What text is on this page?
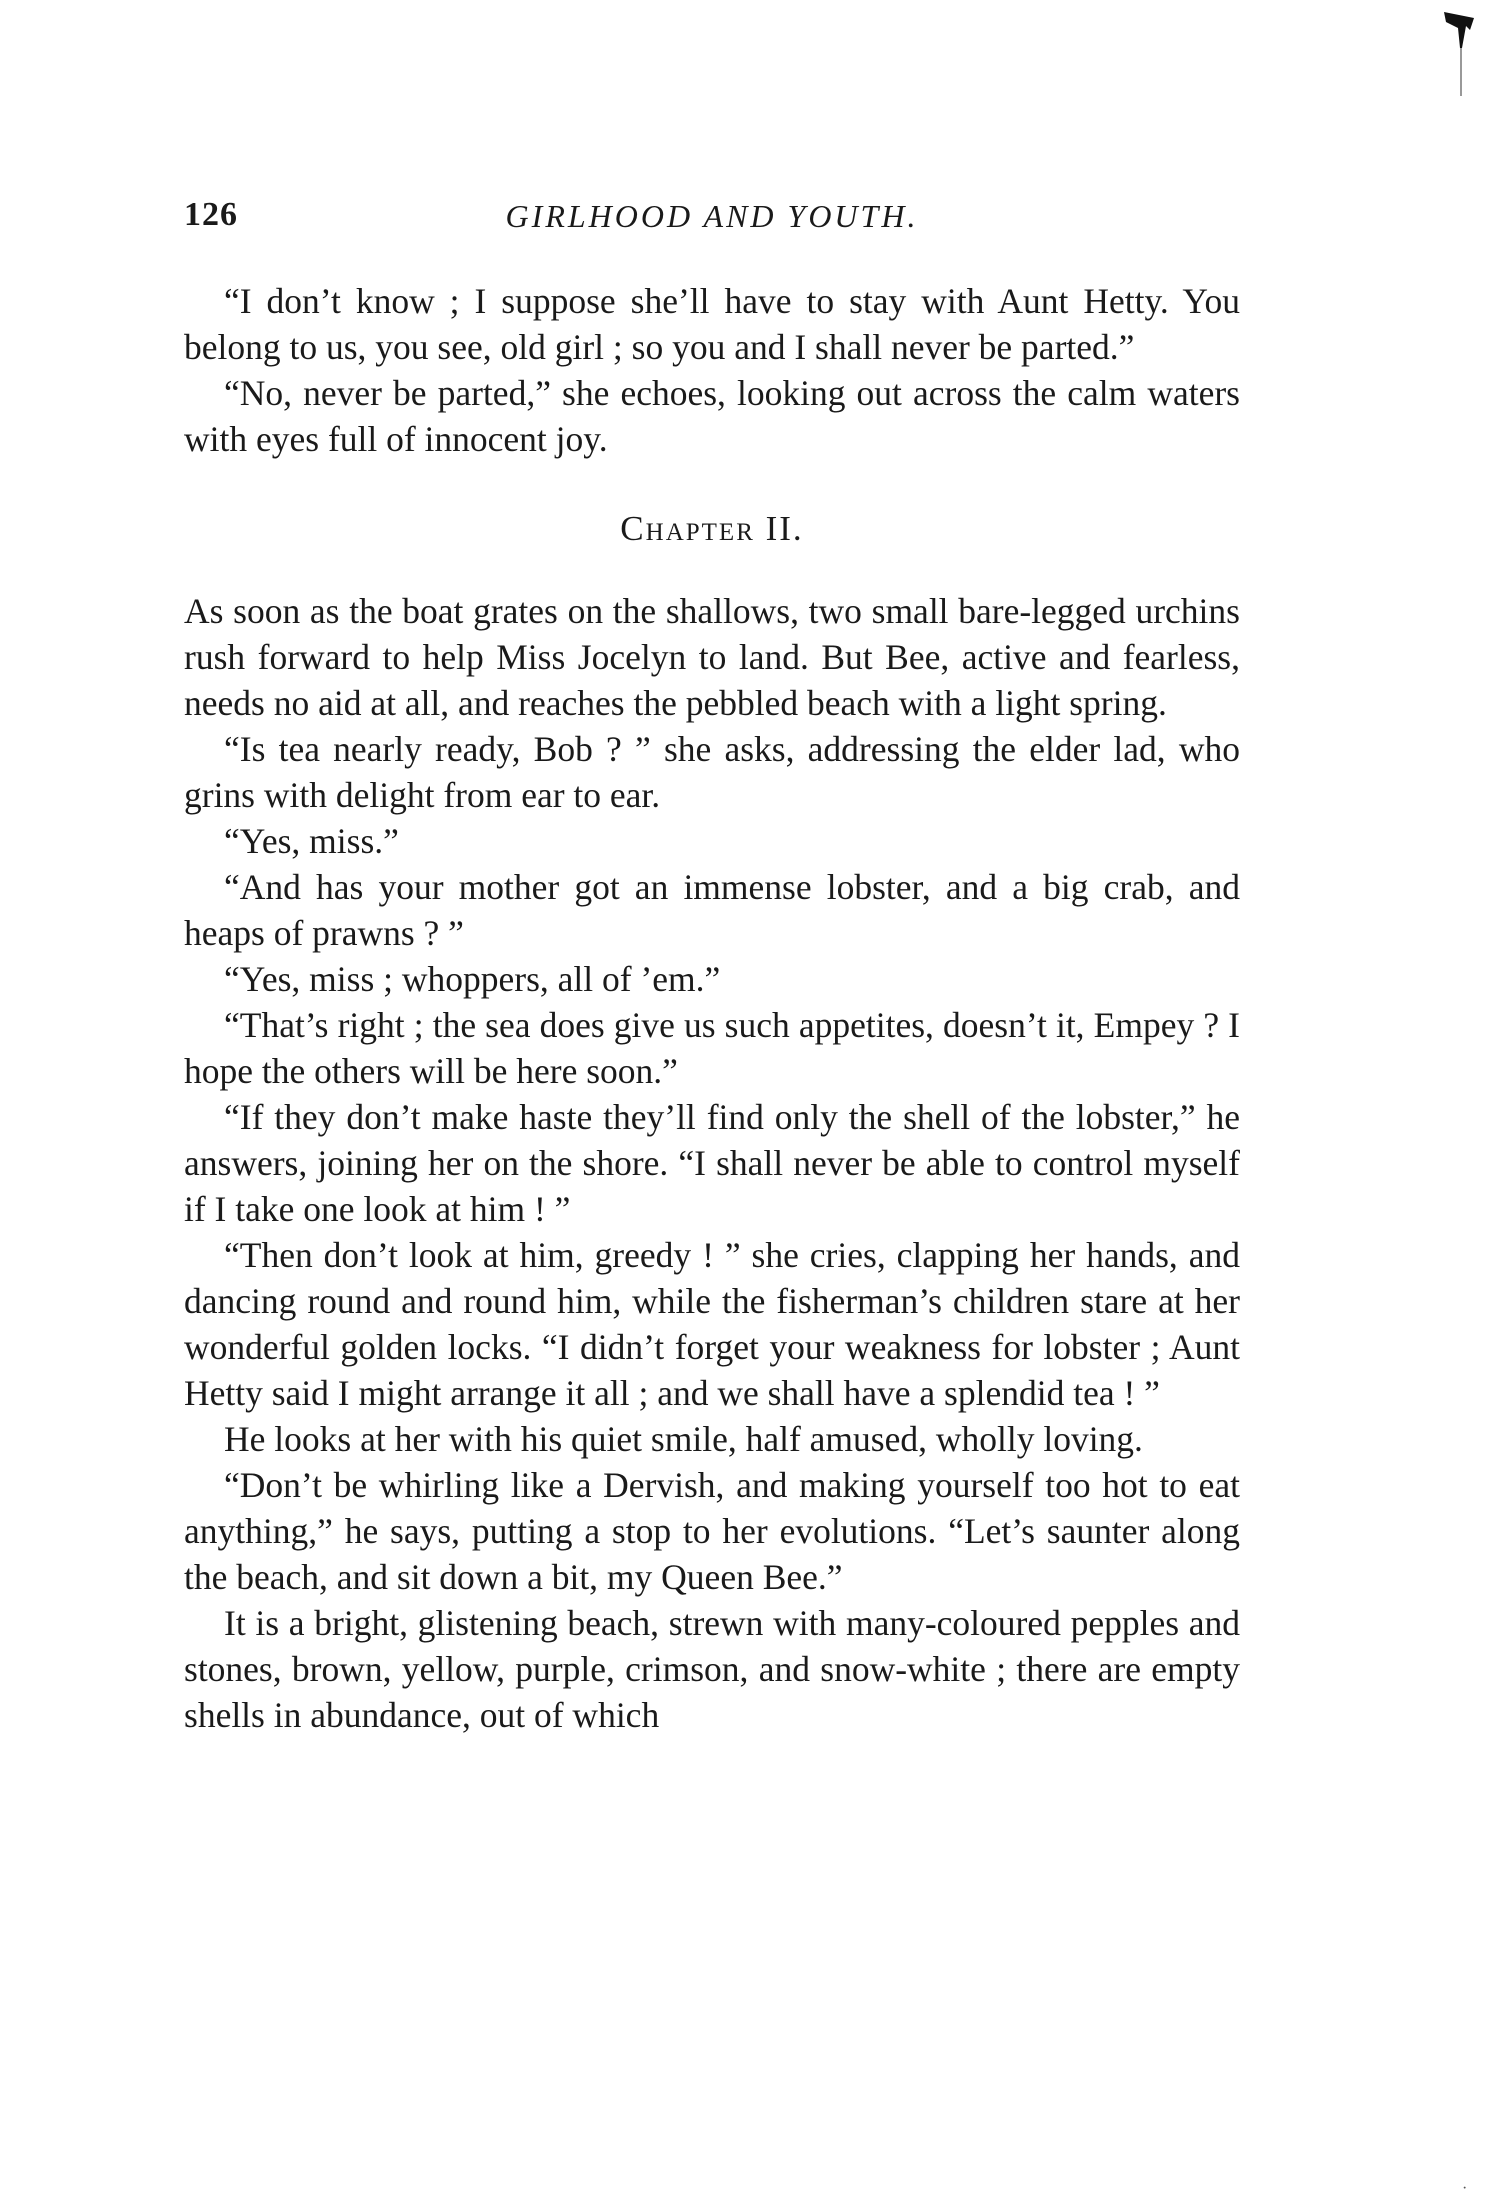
126	GIRLHOOD AND YOUTH.

“I don’t know ; I suppose she’ll have to stay with Aunt Hetty. You belong to us, you see, old girl ; so you and I shall never be parted.”

“No, never be parted,” she echoes, looking out across the calm waters with eyes full of innocent joy.

Chapter II.

As soon as the boat grates on the shallows, two small bare-legged urchins rush forward to help Miss Jocelyn to land. But Bee, active and fearless, needs no aid at all, and reaches the pebbled beach with a light spring.

“Is tea nearly ready, Bob ? ” she asks, addressing the elder lad, who grins with delight from ear to ear.

“Yes, miss.”

“And has your mother got an immense lobster, and a big crab, and heaps of prawns ? ”

“Yes, miss ; whoppers, all of ’em.”

“That’s right ; the sea does give us such appetites, doesn’t it, Empey ? I hope the others will be here soon.”

“If they don’t make haste they’ll find only the shell of the lobster,” he answers, joining her on the shore. “I shall never be able to control myself if I take one look at him ! ”

“Then don’t look at him, greedy ! ” she cries, clapping her hands, and dancing round and round him, while the fisherman’s children stare at her wonderful golden locks. “I didn’t forget your weakness for lobster ; Aunt Hetty said I might arrange it all ; and we shall have a splendid tea ! ”

He looks at her with his quiet smile, half amused, wholly loving.

“Don’t be whirling like a Dervish, and making yourself too hot to eat anything,” he says, putting a stop to her evolutions. “Let’s saunter along the beach, and sit down a bit, my Queen Bee.”

It is a bright, glistening beach, strewn with many-coloured pepples and stones, brown, yellow, purple, crimson, and snow-white ; there are empty shells in abundance, out of which

·
